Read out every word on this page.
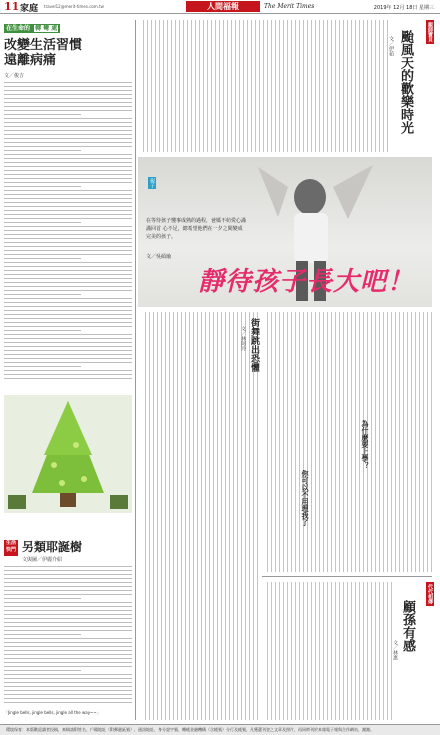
11 家庭 travel12@merit-times.com.tw	人間福報	The Merit Times	2019年 12月 18日 星期三
在生命的 轉 彎 處
改變生活習慣
遠離病痛
文／俊吉
生活
快門 另類耶誕樹
文與圖／伊麗介紹
「Jingle bells, jingle bells, jingle all the way~~」
親師寶貝
颱風天的歡樂時光
文／伊茹
親子
在等待孩子懂事成熟的過程，爸媽不妨愛心滿滿回首 心不足，總希望他們在一夕之間變成完美的孩子。
文／吳碩瑜
靜待孩子長大吧！
街舞跳出恐懼
文／林阿玲
為什麼要上學？
你可以不用理我了
代代相傳
顧孫有感
文／林惠
環境保育：本版歡迎讀者投稿，來稿請附姓名、戶籍地址（附郵遞區號）、通訊地址、身分證字號、轉帳金融機構（含帳號）分行及帳號，凡獲選刊登之文章及照片，再同時刊於本報電子報與合作網站，謝謝。
